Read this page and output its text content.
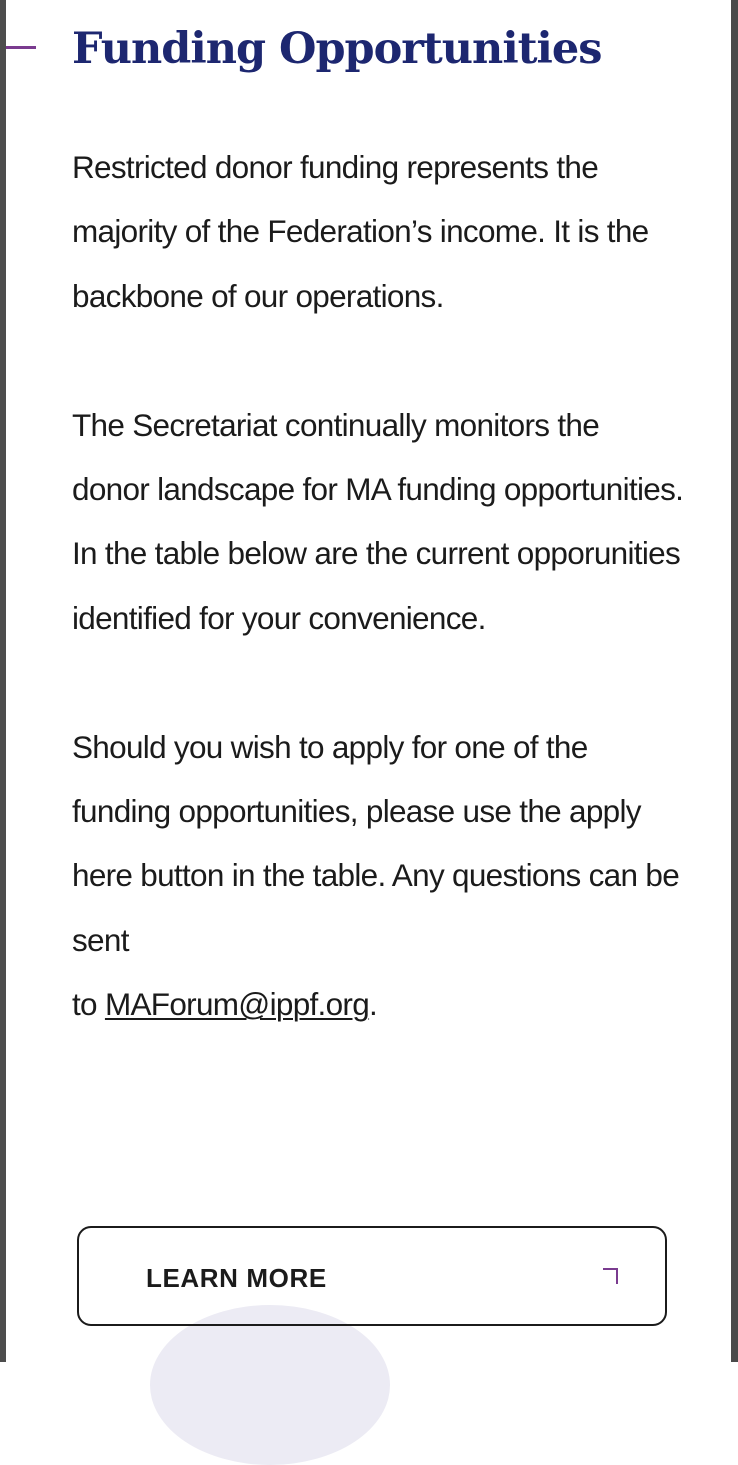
Funding Opportunities

Restricted donor funding represents the majority of the Federation’s income. It is the backbone of our operations.

The Secretariat continually monitors the donor landscape for MA funding opportunities. In the table below are the current opporunities identified for your convenience.

Should you wish to apply for one of the funding opportunities, please use the apply here button in the table. Any questions can be sent
to MAForum@ippf.org.

LEARN MORE
